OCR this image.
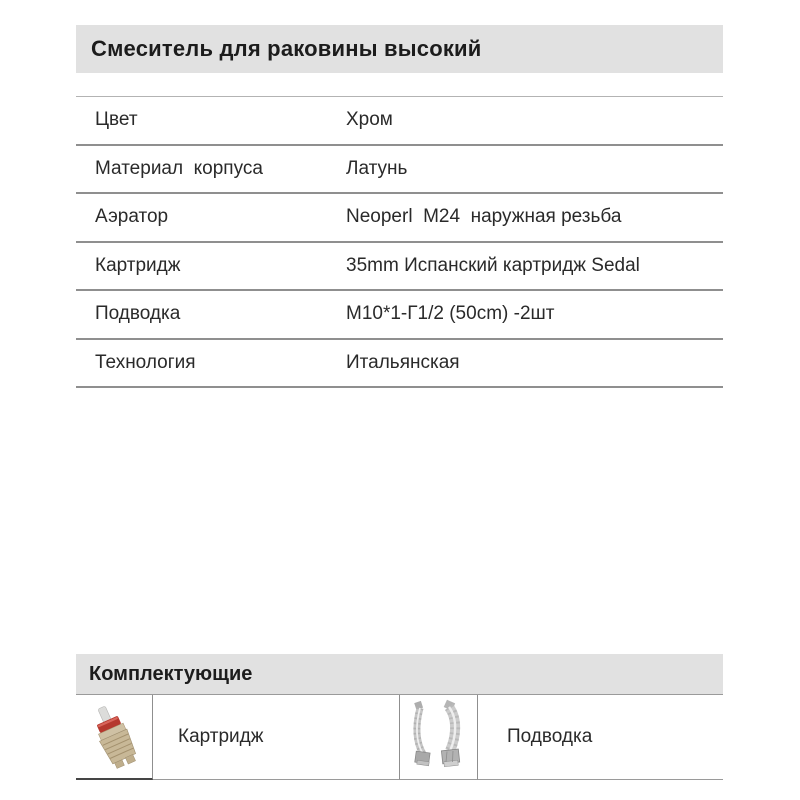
Смеситель для раковины высокий
Цвет	Хром
Материал  корпуса	Латунь
Аэратор	Neoperl  M24  наружная резьба
Картридж	35mm Испанский картридж Sedal
Подводка	М10*1-Г1/2 (50cm) -2шт
Технология	Итальянская
Комплектующие
Картридж	Подводка
